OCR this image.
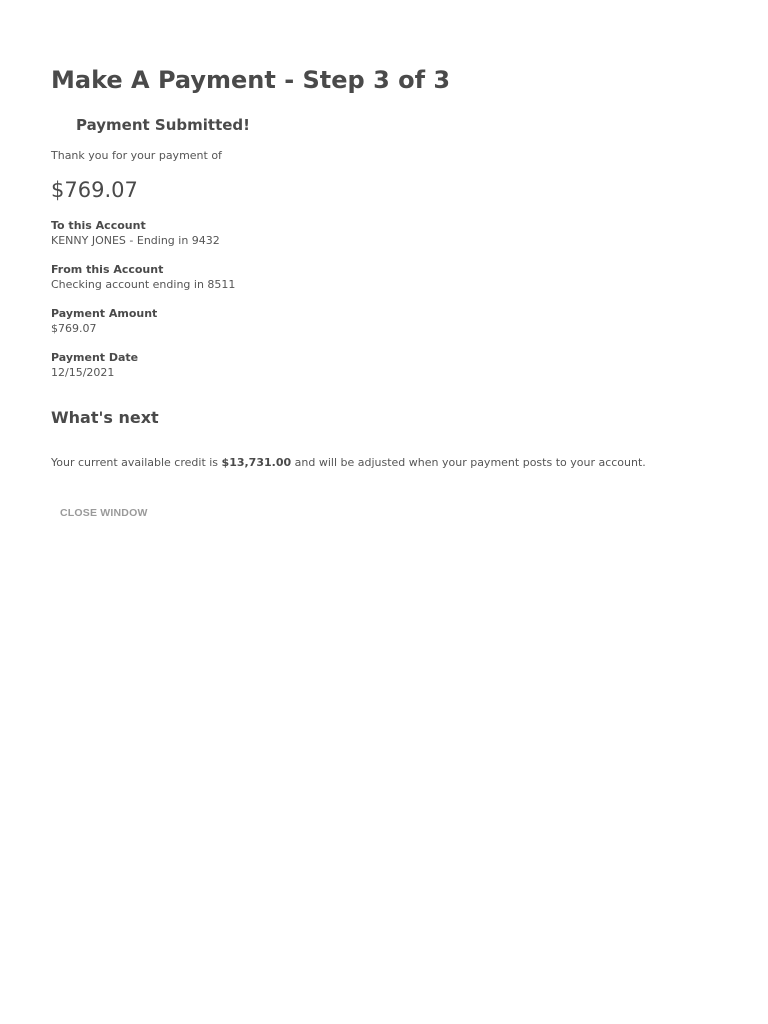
Make A Payment - Step 3 of 3
Payment Submitted!
Thank you for your payment of
$769.07
To this Account
KENNY JONES - Ending in 9432
From this Account
Checking account ending in 8511
Payment Amount
$769.07
Payment Date
12/15/2021
What's next
Your current available credit is $13,731.00 and will be adjusted when your payment posts to your account.
CLOSE WINDOW
